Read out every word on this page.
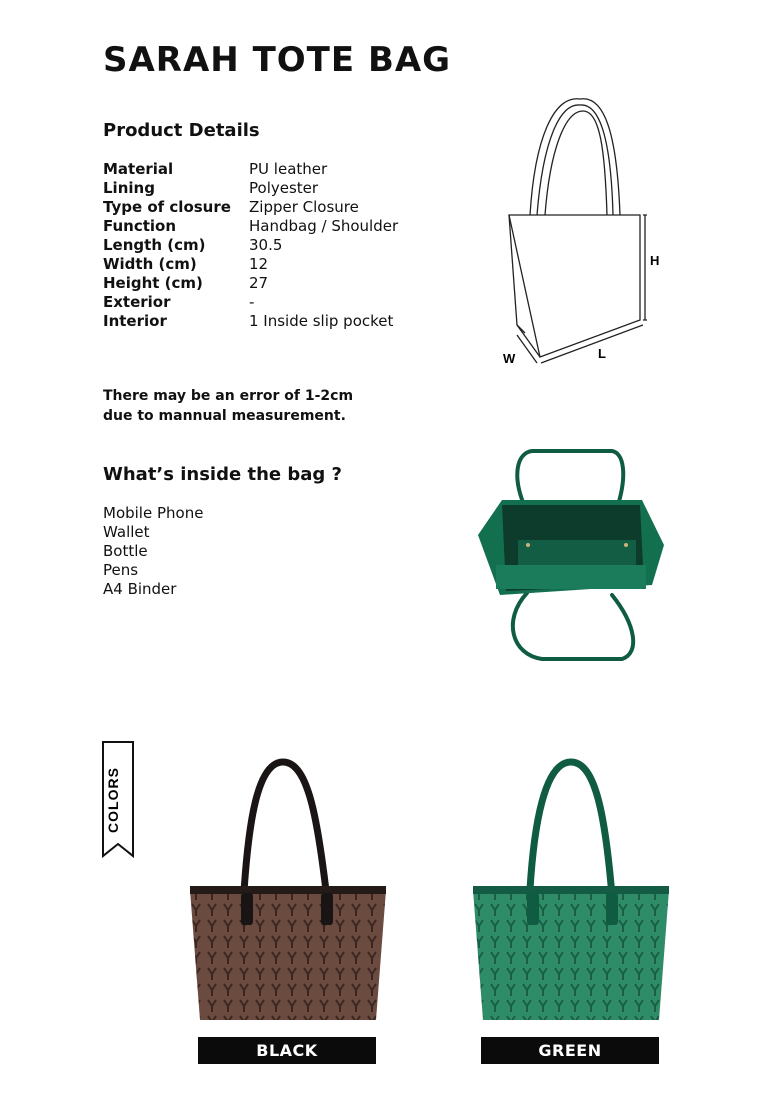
SARAH TOTE BAG
Product Details
Material	PU leather
Lining	Polyester
Type of closure	Zipper Closure
Function	Handbag / Shoulder
Length (cm)	30.5
Width (cm)	12
Height (cm)	27
Exterior	-
Interior	1 Inside slip pocket
H
W	L
There may be an error of 1-2cm
due to mannual measurement.
What’s inside the bag ?
Mobile Phone
Wallet
Bottle
Pens
A4 Binder
COLORS
BLACK	GREEN
